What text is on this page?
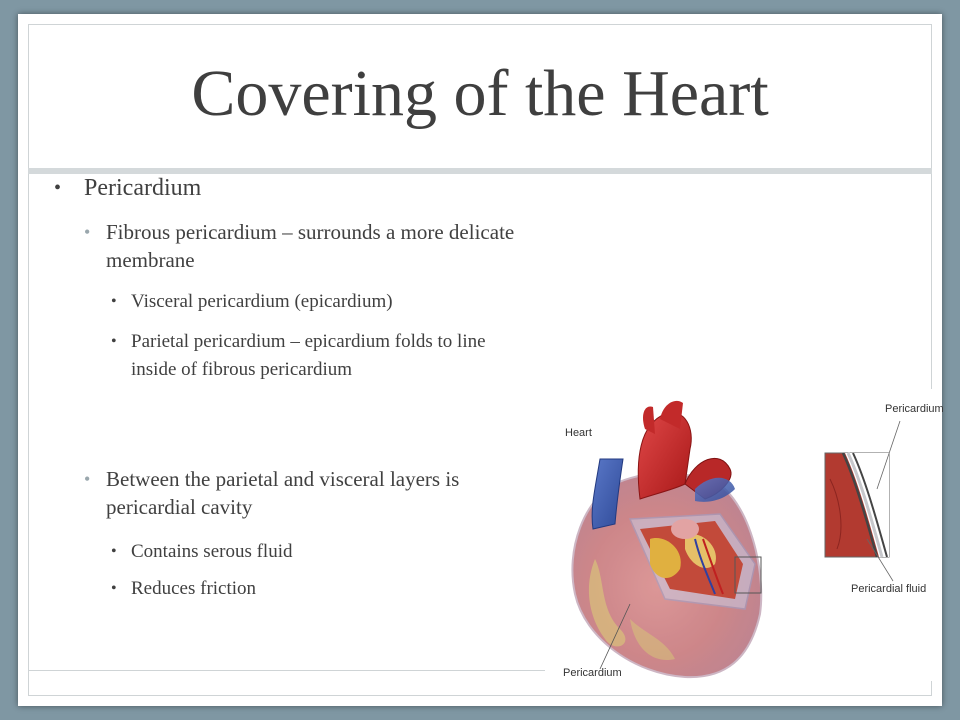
Covering of the Heart
• Pericardium
• Fibrous pericardium – surrounds a more delicate membrane
• Visceral pericardium (epicardium)
• Parietal pericardium – epicardium folds to line inside of fibrous pericardium
• Between the parietal and visceral layers is pericardial cavity
• Contains serous fluid
• Reduces friction
Heart
Pericardium
Pericardium
Pericardial fluid
